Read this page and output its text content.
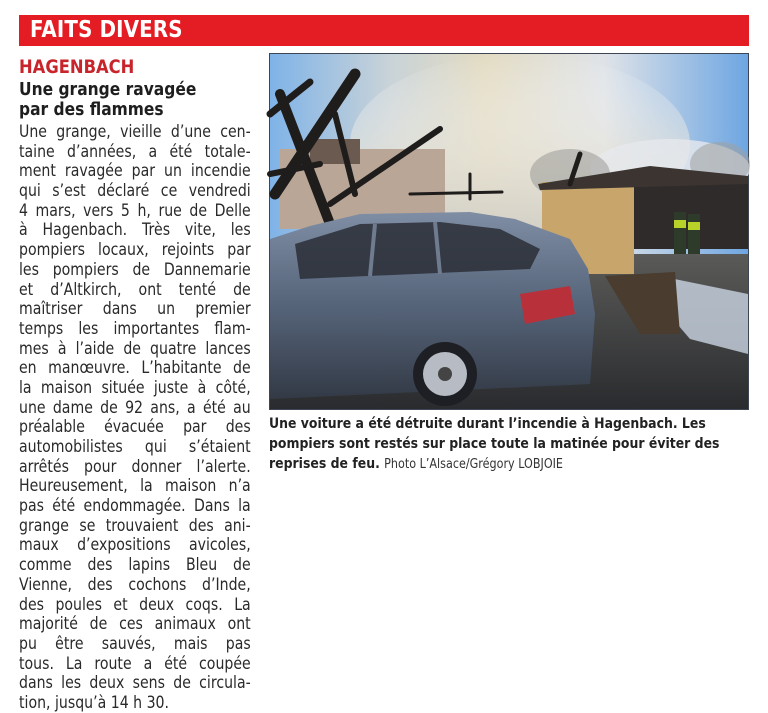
FAITS DIVERS
HAGENBACH
Une grange ravagée
par des flammes
Une grange, vieille d’une cen-
taine d’années, a été totale-
ment ravagée par un incendie
qui s’est déclaré ce vendredi
4 mars, vers 5 h, rue de Delle
à Hagenbach. Très vite, les
pompiers locaux, rejoints par
les pompiers de Dannemarie
et d’Altkirch, ont tenté de
maîtriser dans un premier
temps les importantes flam-
mes à l’aide de quatre lances
en manœuvre. L’habitante de
la maison située juste à côté,
une dame de 92 ans, a été au
préalable évacuée par des
automobilistes qui s’étaient
arrêtés pour donner l’alerte.
Heureusement, la maison n’a
pas été endommagée. Dans la
grange se trouvaient des ani-
maux d’expositions avicoles,
comme des lapins Bleu de
Vienne, des cochons d’Inde,
des poules et deux coqs. La
majorité de ces animaux ont
pu être sauvés, mais pas
tous. La route a été coupée
dans les deux sens de circula-
tion, jusqu’à 14 h 30.
Une voiture a été détruite durant l’incendie à Hagenbach. Les
pompiers sont restés sur place toute la matinée pour éviter des
reprises de feu. Photo L’Alsace/Grégory LOBJOIE
